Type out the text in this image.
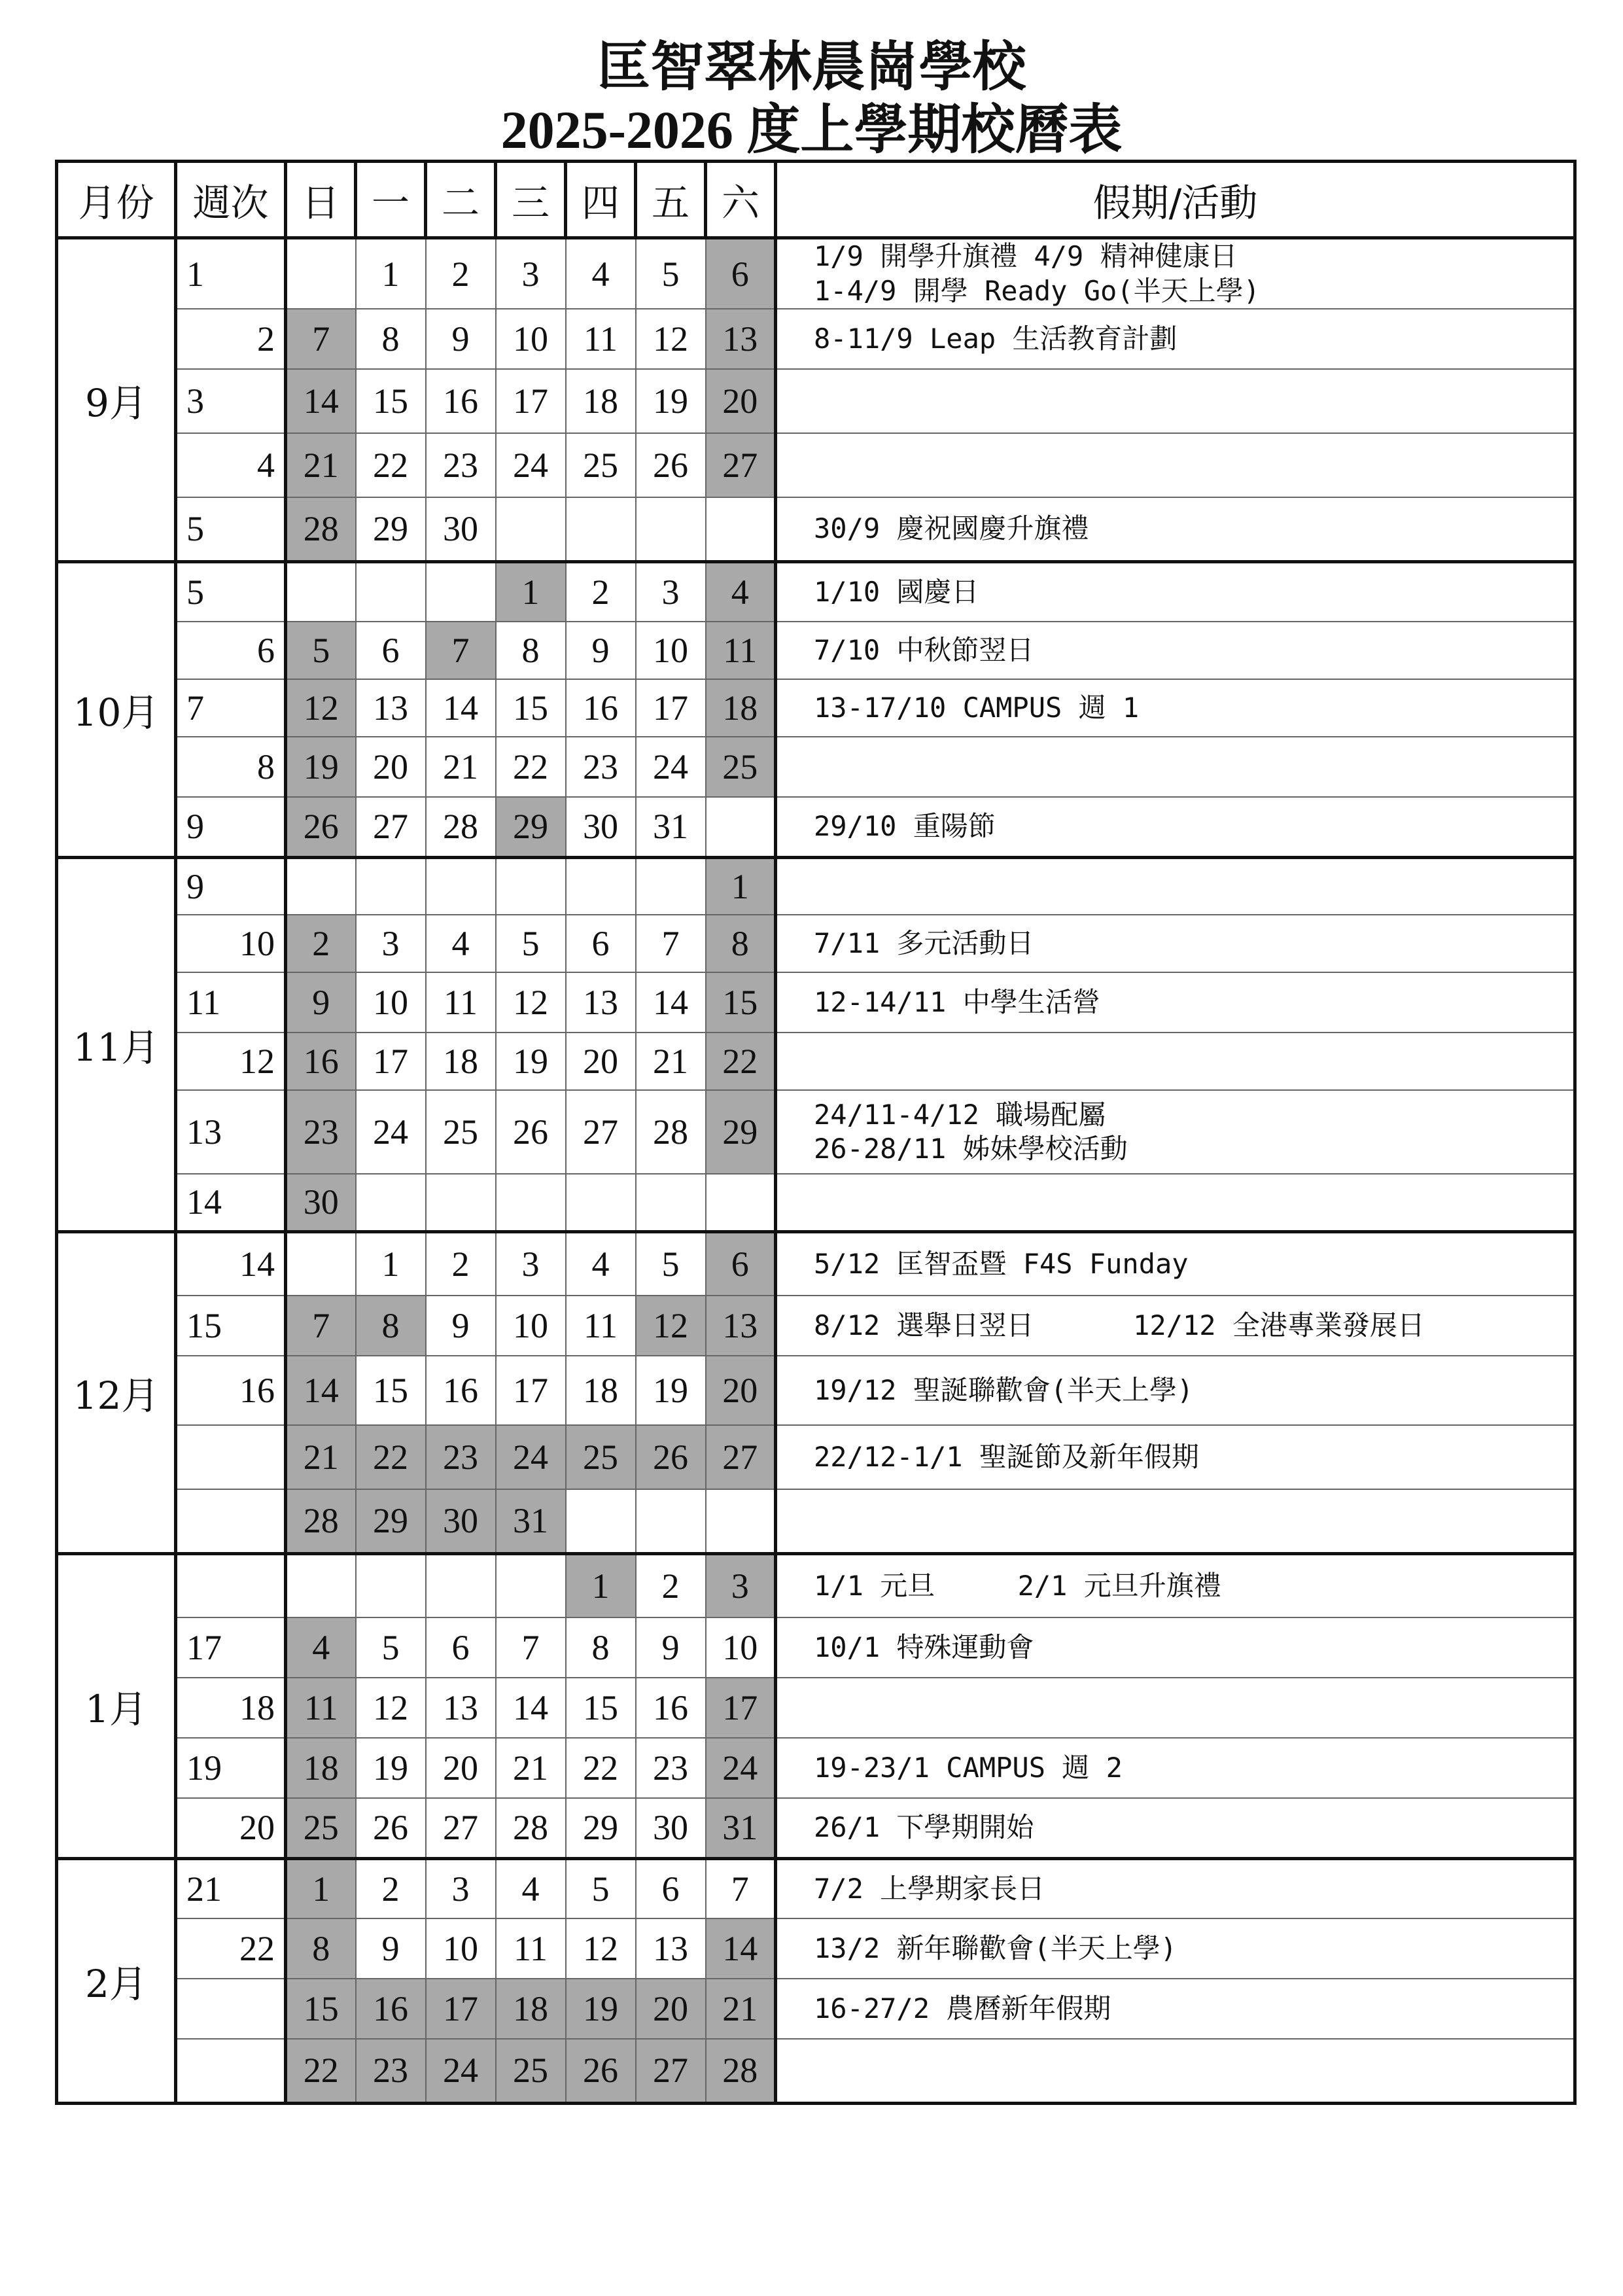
匡智翠林晨崗學校
2025-2026 度上學期校曆表
月份	週次	日	一	二	三	四	五	六	假期/活動
9月	1		1	2	3	4	5	6	1/9 開學升旗禮 4/9 精神健康日
1-4/9 開學 Ready Go(半天上學)

	2	7	8	9	10	11	12	13	8-11/9 Leap 生活教育計劃

	3	14	15	16	17	18	19	20	
	4	21	22	23	24	25	26	27	
	5	28	29	30					30/9 慶祝國慶升旗禮

10月	5				1	2	3	4	1/10 國慶日

	6	5	6	7	8	9	10	11	7/10 中秋節翌日

	7	12	13	14	15	16	17	18	13-17/10 CAMPUS 週 1

	8	19	20	21	22	23	24	25	
	9	26	27	28	29	30	31		29/10 重陽節

11月	9							1	
	10	2	3	4	5	6	7	8	7/11 多元活動日

	11	9	10	11	12	13	14	15	12-14/11 中學生活營

	12	16	17	18	19	20	21	22	
	13	23	24	25	26	27	28	29	24/11-4/12 職場配屬
26-28/11 姊妹學校活動

	14	30							
12月	14		1	2	3	4	5	6	5/12 匡智盃暨 F4S Funday

	15	7	8	9	10	11	12	13	8/12 選舉日翌日      12/12 全港專業發展日

	16	14	15	16	17	18	19	20	19/12 聖誕聯歡會(半天上學)

		21	22	23	24	25	26	27	22/12-1/1 聖誕節及新年假期

		28	29	30	31				
1月						1	2	3	1/1 元旦     2/1 元旦升旗禮

	17	4	5	6	7	8	9	10	10/1 特殊運動會

	18	11	12	13	14	15	16	17	
	19	18	19	20	21	22	23	24	19-23/1 CAMPUS 週 2

	20	25	26	27	28	29	30	31	26/1 下學期開始

2月	21	1	2	3	4	5	6	7	7/2 上學期家長日

	22	8	9	10	11	12	13	14	13/2 新年聯歡會(半天上學)

		15	16	17	18	19	20	21	16-27/2 農曆新年假期

		22	23	24	25	26	27	28	
